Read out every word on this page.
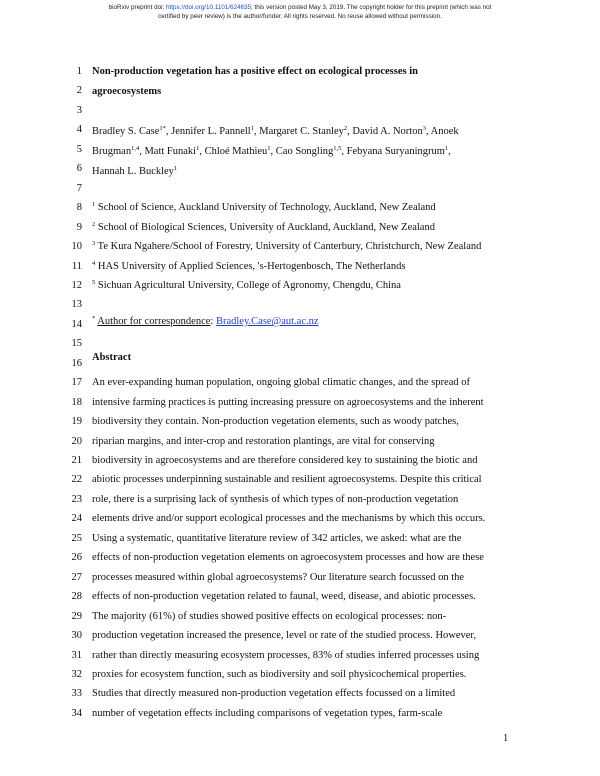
bioRxiv preprint doi: https://doi.org/10.1101/624635; this version posted May 3, 2019. The copyright holder for this preprint (which was not
certified by peer review) is the author/funder. All rights reserved. No reuse allowed without permission.
1
2
3
4
5
6
7
8
9
10
11
12
13
14
15
16
17
18
19
20
21
22
23
24
25
26
27
28
29
30
31
32
33
34
Non-production vegetation has a positive effect on ecological processes in
agroecosystems
Bradley S. Case$^{1*}$, Jennifer L. Pannell$^1$, Margaret C. Stanley$^2$, David A. Norton$^3$, Anoek
Brugman$^{1,4}$, Matt Funaki$^1$, Chloé Mathieu$^1$, Cao Songling$^{1,5}$, Febyana Suryaningrum$^1$,
Hannah L. Buckley$^1$
$^1$ School of Science, Auckland University of Technology, Auckland, New Zealand
$^2$ School of Biological Sciences, University of Auckland, Auckland, New Zealand
$^3$ Te Kura Ngahere/School of Forestry, University of Canterbury, Christchurch, New Zealand
$^4$ HAS University of Applied Sciences, 's-Hertogenbosch, The Netherlands
$^5$ Sichuan Agricultural University, College of Agronomy, Chengdu, China
* Author for correspondence: Bradley.Case@aut.ac.nz
Abstract
An ever-expanding human population, ongoing global climatic changes, and the spread of
intensive farming practices is putting increasing pressure on agroecosystems and the inherent
biodiversity they contain. Non-production vegetation elements, such as woody patches,
riparian margins, and inter-crop and restoration plantings, are vital for conserving
biodiversity in agroecosystems and are therefore considered key to sustaining the biotic and
abiotic processes underpinning sustainable and resilient agroecosystems. Despite this critical
role, there is a surprising lack of synthesis of which types of non-production vegetation
elements drive and/or support ecological processes and the mechanisms by which this occurs.
Using a systematic, quantitative literature review of 342 articles, we asked: what are the
effects of non-production vegetation elements on agroecosystem processes and how are these
processes measured within global agroecosystems? Our literature search focussed on the
effects of non-production vegetation related to faunal, weed, disease, and abiotic processes.
The majority (61%) of studies showed positive effects on ecological processes: non-
production vegetation increased the presence, level or rate of the studied process. However,
rather than directly measuring ecosystem processes, 83% of studies inferred processes using
proxies for ecosystem function, such as biodiversity and soil physicochemical properties.
Studies that directly measured non-production vegetation effects focussed on a limited
number of vegetation effects including comparisons of vegetation types, farm-scale
1
